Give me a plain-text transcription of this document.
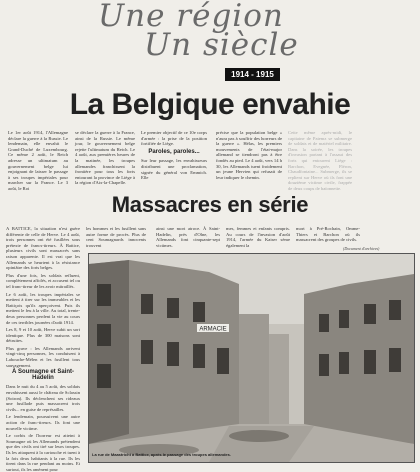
Une région
Un siècle
1914 - 1915
La Belgique envahie

Le 1er août 1914, l'Allemagne déclare la guerre à la Russie. Le lendemain, elle envahit le Grand-Duché de Luxembourg. Ce même 2 août, le Reich adresse un ultimatum au gouvernement belge lui enjoignant de laisser le passage à ses troupes impériales pour marcher sur la France. Le 3 août, le Roi

se déclare la guerre à la France, ainsi de la Russie. Le même jour, le gouvernement belge rejette l'ultimatum du Reich. Le 4 août, aux premières heures de la matinée, les troupes allemandes franchissent la frontière pour tous les forts entourant la province de Liège à la région d'Aix-la-Chapelle.

Le premier objectif de ce 10e corps d'armée : la prise de la position fortifiée de Liège.

Paroles, paroles...

Sur leur passage, les envahisseurs distribuent une proclamation, signée du général von Emmich. Elle

précise que la population belge « n'aura pas à souffrir des horreurs de la guerre ». Hélas, les premiers mouvements de l'état-major allemand se tiendront pas à être fondés au pied. Le 4 août, vers 14 h 30, les Allemands tuent froidement un jeune Hervien qui refusait de leur indiquer le chemin.

Cette même après-midi, le capitaine de Paiemz se submerge de soldats et de matériel militaire. Dans la soirée, les troupes d'invasion partant à l'assaut des forts qui entourent Liège : Barchon, Evegnée, Fléron, Chaudfontaine... Submerge, ils se replient sur Herve où ils font une douzième victime civile, frappée de deux coups de baïonnette.

Massacres en série

A BATTICE, la situation n'est guère différente de celle de Herve. Le 4 août, trois personnes ont été fusillées sous prétexte de francs-tireurs. À Battice, plusieurs civils sont massacrés sans raison apparente. Il est vrai que les Allemands se heurtent à la résistance opiniâtre des forts belges.

Plus d'une fois, les soldats refluent, complètement affolés, et accusent tel ou tel franc-tireur de les avoir mitraillés.

Le 6 août, les troupes impériales se mettent à tirer sur les immeubles et les Battiçois qu'ils aperçoivent. Puis ils mettent le feu à la ville. Au total, trente-deux personnes perdent la vie au cours de ces terribles journées d'août 1914.

Les 8, 9 et 10 août, Herve subit un sort identique. Plus de 300 maisons sont détruites.

Plus grave : les Allemands arrivent vingt-cinq personnes, les conduisent à Labouche-Mélen et les fusillent tous sauvagement.

À Soumagne et Saint-Hadelin

Dans le nuit du 4 au 5 août, des soldats envahissent aussi le château de Sclassin (Soiron). Ils déclenchent ses rideaux une fusillade puis massacrent trois civils... en guise de représailles.

Le lendemain, poursuivent une autre action de franc-tireurs. Ils font une nouvelle victime.

Le corbis de l'horreur est atteint à Soumagne où les Allemands prétendent que des civils ont tiré sur leurs troupes. Ils les attaquent à la cartouche et tuent à la fois deux habitants à la rue. Ils les tirent dans la rue pendant au moins. Et surtout, ils les amènent pour

les hommes et les fusillent sans autre forme de procès. Plus de cent Soumagnards innocents trouvent

ainsi une mort atroce. À Saint-Hadelin, près d'Olne, les Allemands font cinquante-sept victimes.

mes, femmes et enfants compris. Au cours de l'invasion d'août 1914, l'armée du Kaiser sème également la

mort à Pré-Rochain, Omme-Thiers et Barchon où ils massacrent des groupes de civils.

(Document d'archives)
ARMACIE
La rue de Maastricht à Battice, après le passage des troupes allemandes.
